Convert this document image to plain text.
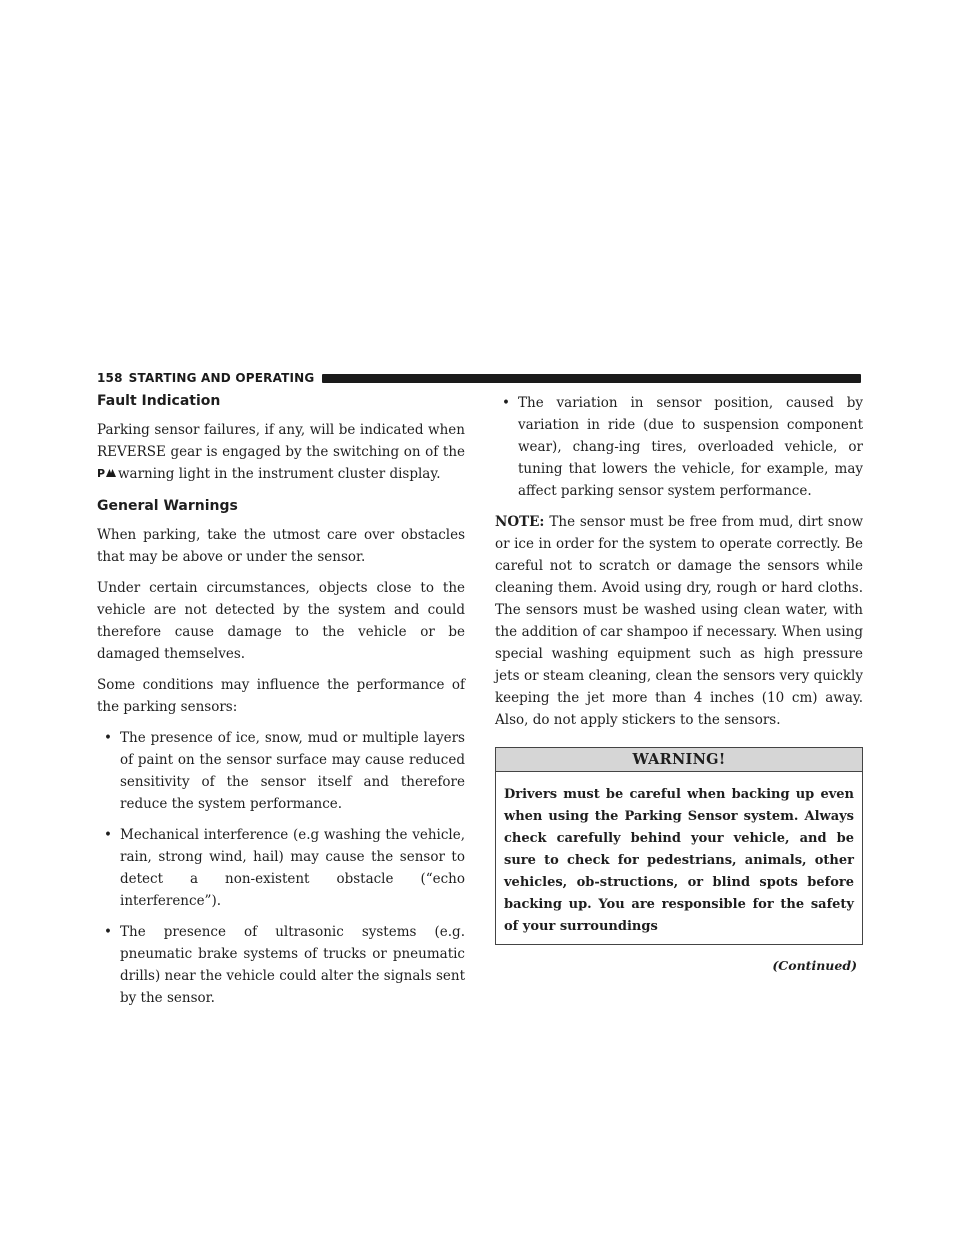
158 STARTING AND OPERATING
Fault Indication

Parking sensor failures, if any, will be indicated when REVERSE gear is engaged by the switching on of the
P warning light in the instrument cluster display.

General Warnings

When parking, take the utmost care over obstacles that may be above or under the sensor.

Under certain circumstances, objects close to the vehicle are not detected by the system and could therefore cause damage to the vehicle or be damaged themselves.

Some conditions may influence the performance of the parking sensors:

• The presence of ice, snow, mud or multiple layers of paint on the sensor surface may cause reduced sensitivity of the sensor itself and therefore reduce the system performance.
• Mechanical interference (e.g washing the vehicle, rain, strong wind, hail) may cause the sensor to detect a non-existent obstacle (“echo interference”).
• The presence of ultrasonic systems (e.g. pneumatic brake systems of trucks or pneumatic drills) near the vehicle could alter the signals sent by the sensor.
• The variation in sensor position, caused by variation in ride (due to suspension component wear), chang-ing tires, overloaded vehicle, or tuning that lowers the vehicle, for example, may affect parking sensor system performance.

NOTE: The sensor must be free from mud, dirt snow or ice in order for the system to operate correctly. Be careful not to scratch or damage the sensors while cleaning them. Avoid using dry, rough or hard cloths. The sensors must be washed using clean water, with the addition of car shampoo if necessary. When using special washing equipment such as high pressure jets or steam cleaning, clean the sensors very quickly keeping the jet more than 4 inches (10 cm) away. Also, do not apply stickers to the sensors.

WARNING!
Drivers must be careful when backing up even when using the Parking Sensor system. Always check carefully behind your vehicle, and be sure to check for pedestrians, animals, other vehicles, ob-structions, or blind spots before backing up. You are responsible for the safety of your surroundings
(Continued)
